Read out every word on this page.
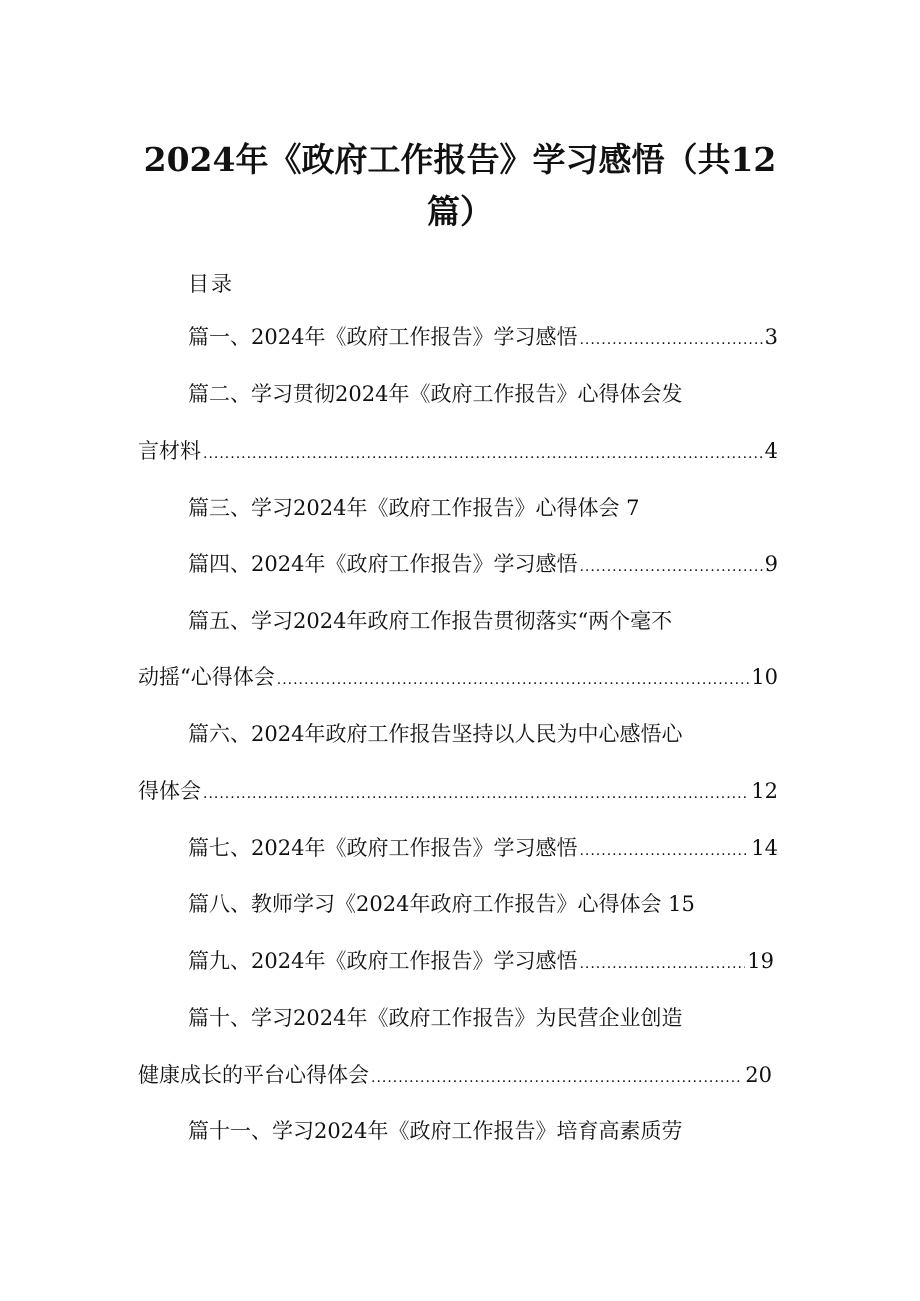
2024年《政府工作报告》学习感悟（共12
篇）
目录
篇一、2024年《政府工作报告》学习感悟 .....	3
篇二、学习贯彻2024年《政府工作报告》心得体会发
言材料 .....	4
篇三、学习2024年《政府工作报告》心得体会 7
篇四、2024年《政府工作报告》学习感悟 .....	9
篇五、学习2024年政府工作报告贯彻落实“两个毫不
动摇“心得体会 .....	10
篇六、2024年政府工作报告坚持以人民为中心感悟心
得体会 .....	12
篇七、2024年《政府工作报告》学习感悟 .....	14
篇八、教师学习《2024年政府工作报告》心得体会 15
篇九、2024年《政府工作报告》学习感悟 .....	19
篇十、学习2024年《政府工作报告》为民营企业创造
健康成长的平台心得体会 .....	20
篇十一、学习2024年《政府工作报告》培育高素质劳
